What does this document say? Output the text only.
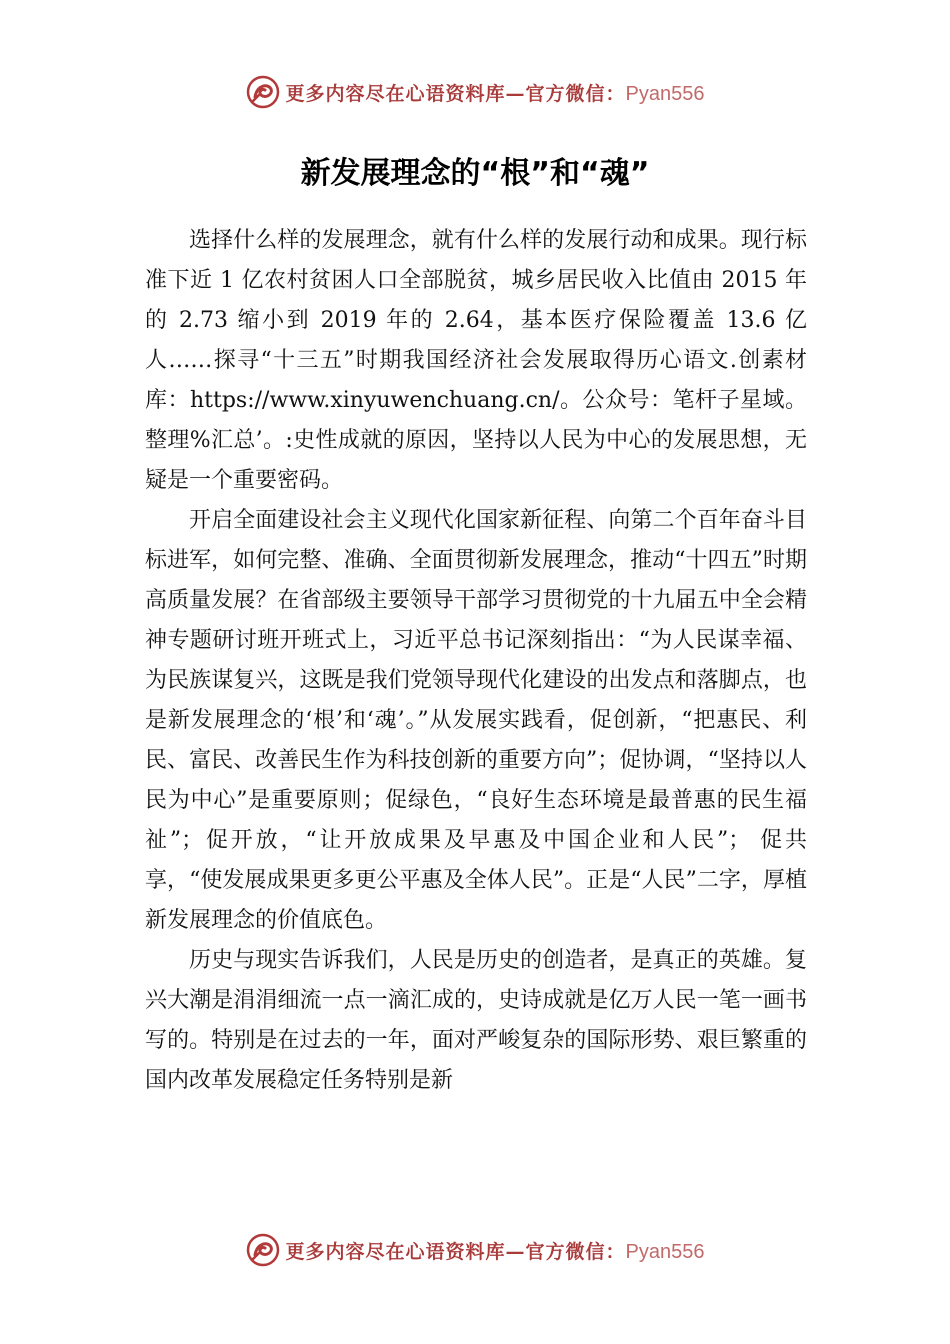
更多内容尽在心语资料库—官方微信：Pyan556
新发展理念的“根”和“魂”

选择什么样的发展理念，就有什么样的发展行动和成果。现行标准下近 1 亿农村贫困人口全部脱贫，城乡居民收入比值由 2015 年的 2.73 缩小到 2019 年的 2.64，基本医疗保险覆盖 13.6 亿人……探寻“十三五”时期我国经济社会发展取得历心语文.创素材库：https://www.xinyuwenchuang.cn/。公众号：笔杆子星域。整理%汇总’。:史性成就的原因，坚持以人民为中心的发展思想，无疑是一个重要密码。

开启全面建设社会主义现代化国家新征程、向第二个百年奋斗目标进军，如何完整、准确、全面贯彻新发展理念，推动“十四五”时期高质量发展？在省部级主要领导干部学习贯彻党的十九届五中全会精神专题研讨班开班式上，习近平总书记深刻指出：“为人民谋幸福、为民族谋复兴，这既是我们党领导现代化建设的出发点和落脚点，也是新发展理念的‘根’和‘魂’。”从发展实践看，促创新，“把惠民、利民、富民、改善民生作为科技创新的重要方向”；促协调，“坚持以人民为中心”是重要原则；促绿色，“良好生态环境是最普惠的民生福祉”；促开放，“让开放成果及早惠及中国企业和人民”； 促共享，“使发展成果更多更公平惠及全体人民”。正是“人民”二字，厚植新发展理念的价值底色。

历史与现实告诉我们，人民是历史的创造者，是真正的英雄。复兴大潮是涓涓细流一点一滴汇成的，史诗成就是亿万人民一笔一画书写的。特别是在过去的一年，面对严峻复杂的国际形势、艰巨繁重的国内改革发展稳定任务特别是新

更多内容尽在心语资料库—官方微信：Pyan556
